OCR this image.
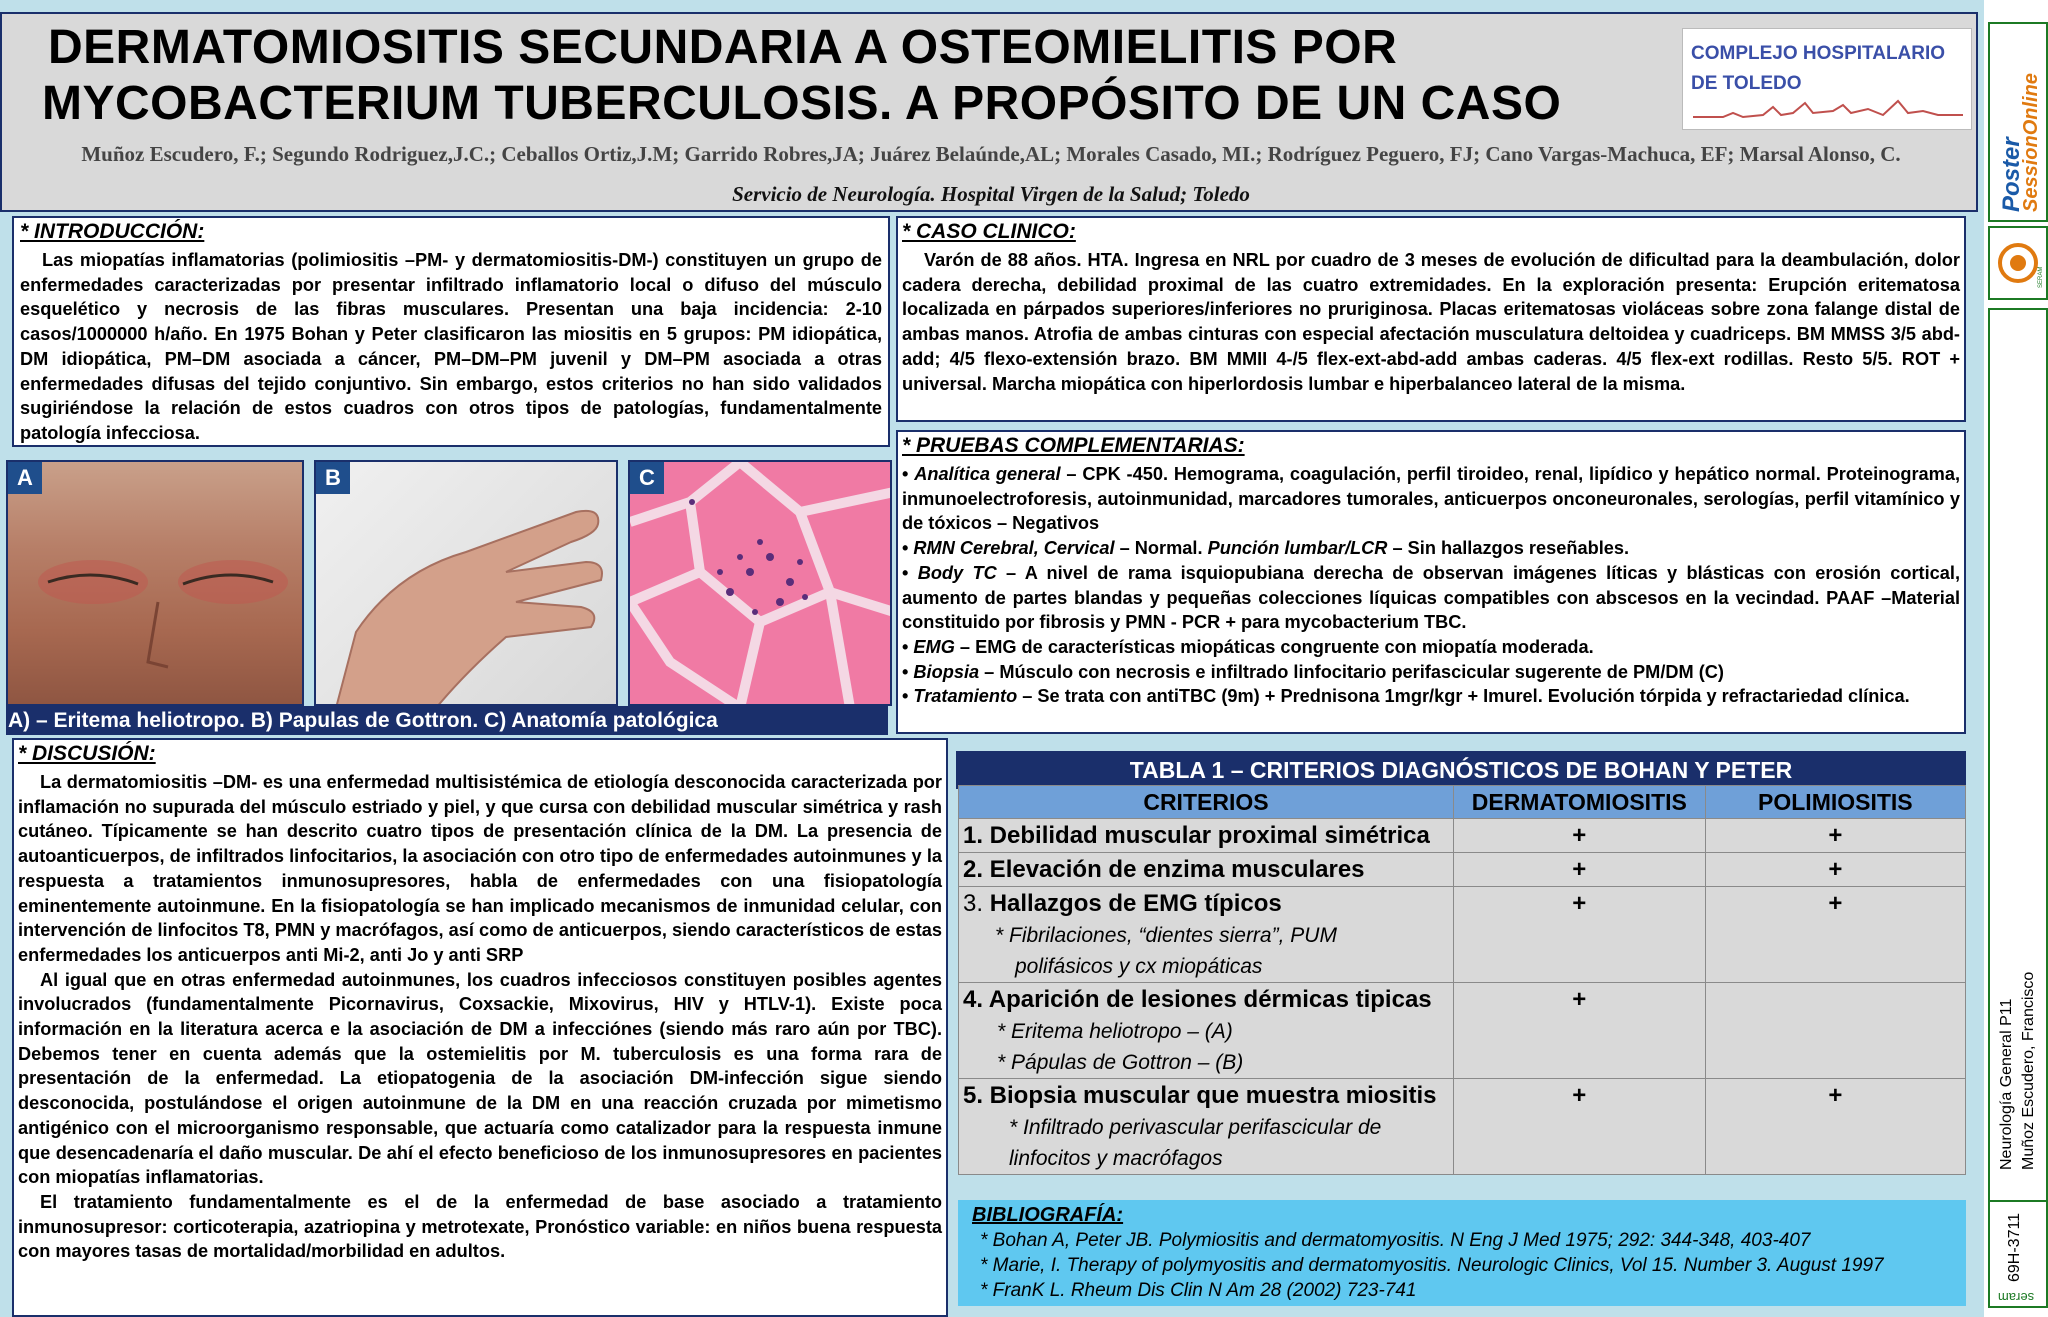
DERMATOMIOSITIS SECUNDARIA A OSTEOMIELITIS POR
MYCOBACTERIUM TUBERCULOSIS. A PROPÓSITO DE UN CASO
COMPLEJO HOSPITALARIO
DE TOLEDO
Muñoz Escudero, F.; Segundo Rodriguez,J.C.; Ceballos Ortiz,J.M; Garrido Robres,JA; Juárez Belaúnde,AL; Morales Casado, MI.; Rodríguez Peguero, FJ; Cano Vargas-Machuca, EF; Marsal Alonso, C.
Servicio de Neurología. Hospital Virgen de la Salud; Toledo
* INTRODUCCIÓN:

Las miopatías inflamatorias (polimiositis –PM- y dermatomiositis-DM-) constituyen un grupo de enfermedades caracterizadas por presentar infiltrado inflamatorio local o difuso del músculo esquelético y necrosis de las fibras musculares. Presentan una baja incidencia: 2-10 casos/1000000 h/año. En 1975 Bohan y Peter clasificaron las miositis en 5 grupos: PM idiopática, DM idiopática, PM–DM asociada a cáncer, PM–DM–PM juvenil y DM–PM asociada a otras enfermedades difusas del tejido conjuntivo. Sin embargo, estos criterios no han sido validados sugiriéndose la relación de estos cuadros con otros tipos de patologías, fundamentalmente patología infecciosa.

A	B	C
A) – Eritema heliotropo. B) Papulas de Gottron. C) Anatomía patológica
* CASO CLINICO:

Varón de 88 años. HTA. Ingresa en NRL por cuadro de 3 meses de evolución de dificultad para la deambulación, dolor cadera derecha, debilidad proximal de las cuatro extremidades. En la exploración presenta: Erupción eritematosa localizada en párpados superiores/inferiores no pruriginosa. Placas eritematosas violáceas sobre zona falange distal de ambas manos. Atrofia de ambas cinturas con especial afectación musculatura deltoidea y cuadriceps. BM MMSS 3/5 abd-add; 4/5 flexo-extensión brazo. BM MMII 4-/5 flex-ext-abd-add ambas caderas. 4/5 flex-ext rodillas. Resto 5/5. ROT + universal. Marcha miopática con hiperlordosis lumbar e hiperbalanceo lateral de la misma.

* PRUEBAS COMPLEMENTARIAS:
• Analítica general – CPK -450. Hemograma, coagulación, perfil tiroideo, renal, lipídico y hepático normal. Proteinograma, inmunoelectroforesis, autoinmunidad, marcadores tumorales, anticuerpos onconeuronales, serologías, perfil vitamínico y de tóxicos – Negativos
• RMN Cerebral, Cervical – Normal. Punción lumbar/LCR – Sin hallazgos reseñables.
• Body TC – A nivel de rama isquiopubiana derecha de observan imágenes líticas y blásticas con erosión cortical, aumento de partes blandas y pequeñas colecciones líquicas compatibles con abscesos en la vecindad. PAAF –Material constituido por fibrosis y PMN - PCR + para mycobacterium TBC.
• EMG – EMG de características miopáticas congruente con miopatía moderada.
• Biopsia – Músculo con necrosis e infiltrado linfocitario perifascicular sugerente de PM/DM (C)
• Tratamiento – Se trata con antiTBC (9m) + Prednisona 1mgr/kgr + Imurel. Evolución tórpida y refractariedad clínica.
* DISCUSIÓN:

La dermatomiositis –DM- es una enfermedad multisistémica de etiología desconocida caracterizada por inflamación no supurada del músculo estriado y piel, y que cursa con debilidad muscular simétrica y rash cutáneo. Típicamente se han descrito cuatro tipos de presentación clínica de la DM. La presencia de autoanticuerpos, de infiltrados linfocitarios, la asociación con otro tipo de enfermedades autoinmunes y la respuesta a tratamientos inmunosupresores, habla de enfermedades con una fisiopatología eminentemente autoinmune. En la fisiopatología se han implicado mecanismos de inmunidad celular, con intervención de linfocitos T8, PMN y macrófagos, así como de anticuerpos, siendo característicos de estas enfermedades los anticuerpos anti Mi-2, anti Jo y anti SRP

Al igual que en otras enfermedad autoinmunes, los cuadros infecciosos constituyen posibles agentes involucrados (fundamentalmente Picornavirus, Coxsackie, Mixovirus, HIV y HTLV-1). Existe poca información en la literatura acerca e la asociación de DM a infecciónes (siendo más raro aún por TBC). Debemos tener en cuenta además que la ostemielitis por M. tuberculosis es una forma rara de presentación de la enfermedad. La etiopatogenia de la asociación DM-infección sigue siendo desconocida, postulándose el origen autoinmune de la DM en una reacción cruzada por mimetismo antigénico con el microorganismo responsable, que actuaría como catalizador para la respuesta inmune que desencadenaría el daño muscular. De ahí el efecto beneficioso de los inmunosupresores en pacientes con miopatías inflamatorias.

El tratamiento fundamentalmente es el de la enfermedad de base asociado a tratamiento inmunosupresor: corticoterapia, azatriopina y metrotexate, Pronóstico variable: en niños buena respuesta con mayores tasas de mortalidad/morbilidad en adultos.

TABLA 1 – CRITERIOS DIAGNÓSTICOS DE BOHAN Y PETER
CRITERIOS	DERMATOMIOSITIS	POLIMIOSITIS
1. Debilidad muscular proximal simétrica	+	+
2. Elevación de enzima musculares	+	+

3. Hallazgos de EMG típicos
* Fibrilaciones, “dientes sierra”, PUM
polifásicos y cx miopáticas	+	+

4. Aparición de lesiones dérmicas tipicas
* Eritema heliotropo – (A)
* Pápulas de Gottron – (B)	+	

5. Biopsia muscular que muestra miositis
* Infiltrado perivascular perifascicular de
linfocitos y macrófagos	+	+
BIBLIOGRAFÍA:
* Bohan A, Peter JB. Polymiositis and dermatomyositis. N Eng J Med 1975; 292: 344-348, 403-407
* Marie, I. Therapy of polymyositis and dermatomyositis. Neurologic Clinics, Vol 15. Number 3. August 1997
* FranK L. Rheum Dis Clin N Am 28 (2002) 723-741
Poster
SessionOnline
SERAM
Neurología General P11 Muñoz Escudero, Francisco
69H-3711
seram
